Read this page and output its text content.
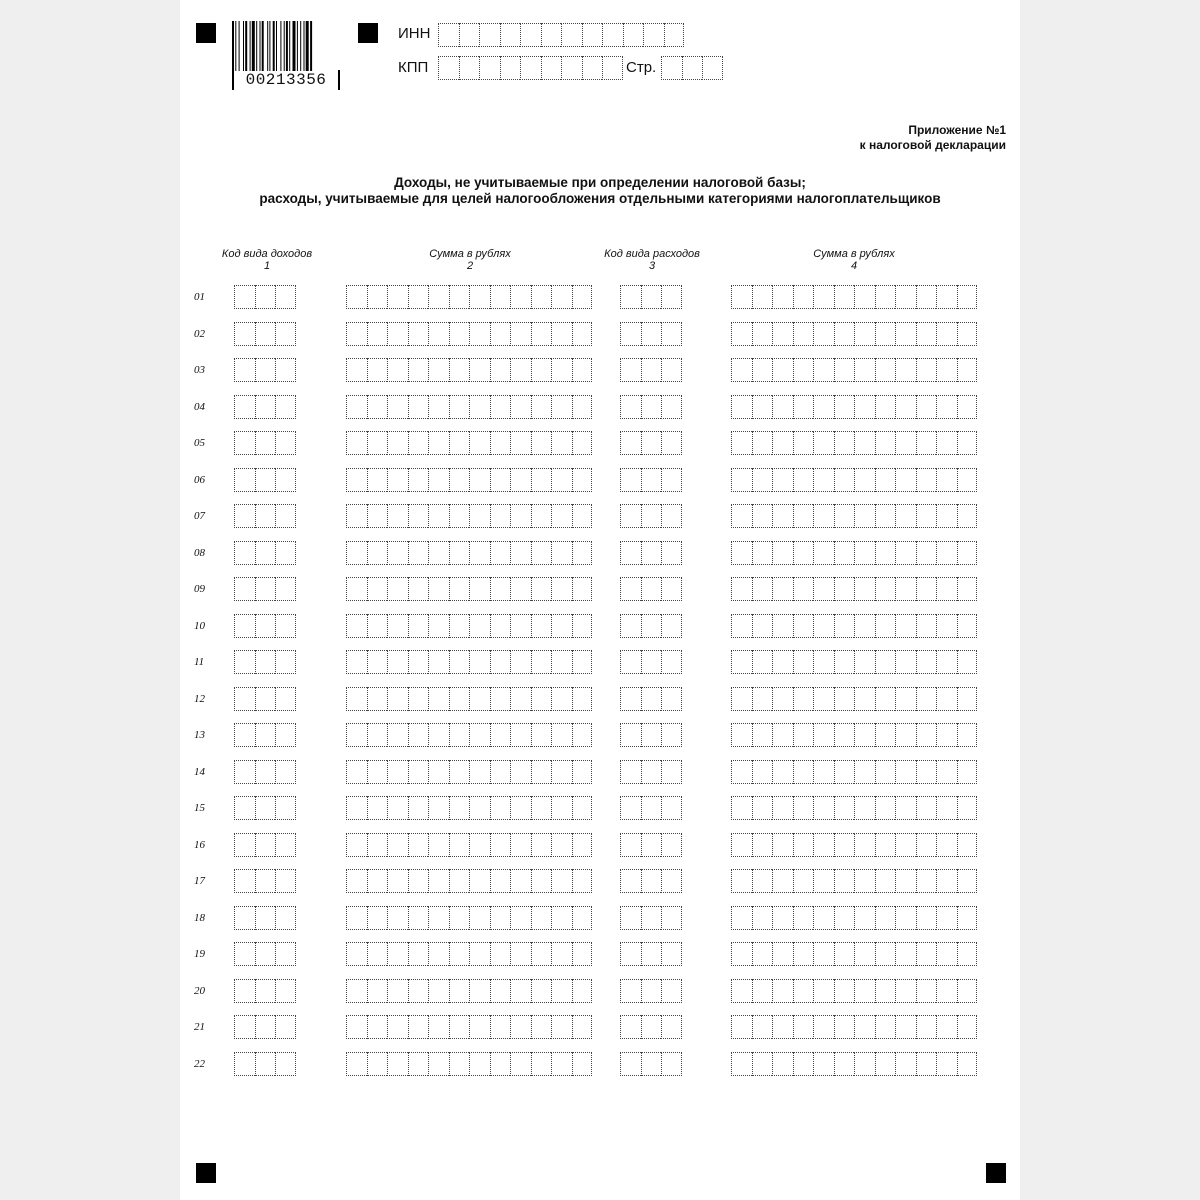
00213356
ИНН
КПП	Стр.
Приложение №1
к налоговой декларации
Доходы, не учитываемые при определении налоговой базы;
расходы, учитываемые для целей налогообложения отдельными категориями налогоплательщиков
Код вида доходов
1
Сумма в рублях
2
Код вида расходов
3
Сумма в рублях
4
01
02
03
04
05
06
07
08
09
10
11
12
13
14
15
16
17
18
19
20
21
22
